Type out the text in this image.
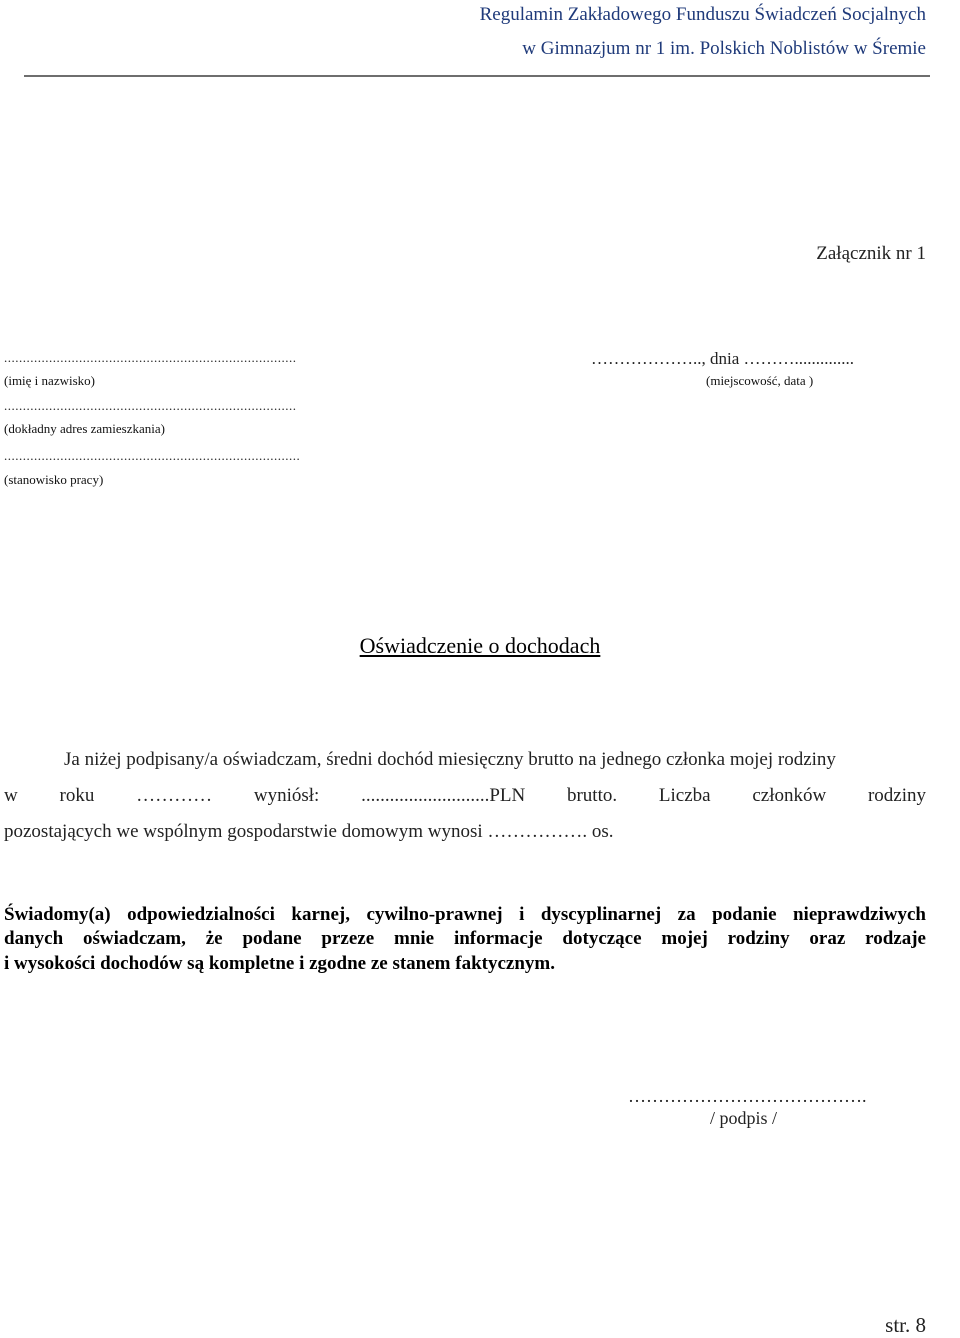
Regulamin Zakładowego Funduszu Świadczeń Socjalnych
w Gimnazjum nr 1 im. Polskich Noblistów w Śremie
Załącznik nr 1
..............................................................................
(imię i nazwisko)
……………….., dnia ………..............
(miejscowość, data )
..............................................................................
(dokładny adres zamieszkania)
...............................................................................
(stanowisko pracy)
Oświadczenie o dochodach
Ja niżej podpisany/a oświadczam, średni dochód miesięczny brutto na jednego członka mojej rodziny
w roku ………… wyniósł: ...........................PLN brutto. Liczba członków rodziny
pozostających we wspólnym gospodarstwie domowym wynosi ……………. os.
Świadomy(a) odpowiedzialności karnej, cywilno-prawnej i dyscyplinarnej za podanie nieprawdziwych
danych oświadczam, że podane przeze mnie informacje dotyczące mojej rodziny oraz rodzaje
i wysokości dochodów są kompletne i zgodne ze stanem faktycznym.
………………………………….
/ podpis /
str. 8
